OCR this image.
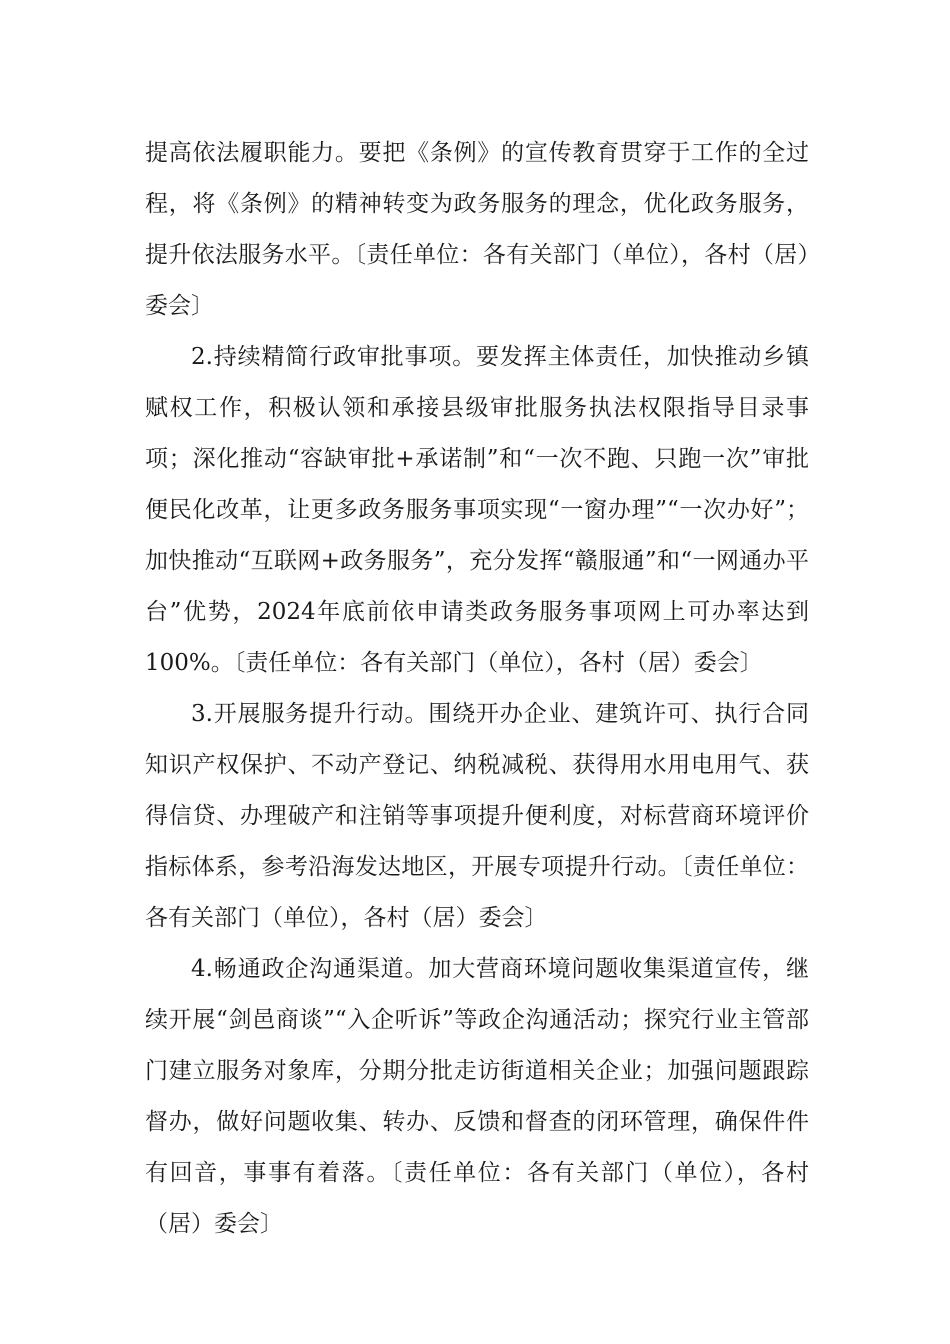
提高依法履职能力。要把《条例》的宣传教育贯穿于工作的全过程，将《条例》的精神转变为政务服务的理念，优化政务服务，提升依法服务水平。〔责任单位：各有关部门（单位），各村（居）委会〕

2.持续精简行政审批事项。要发挥主体责任，加快推动乡镇赋权工作，积极认领和承接县级审批服务执法权限指导目录事项；深化推动“容缺审批+承诺制”和“一次不跑、只跑一次”审批便民化改革，让更多政务服务事项实现“一窗办理”“一次办好”；加快推动“互联网+政务服务”，充分发挥“赣服通”和“一网通办平台”优势，2024年底前依申请类政务服务事项网上可办率达到100%。〔责任单位：各有关部门（单位），各村（居）委会〕

3.开展服务提升行动。围绕开办企业、建筑许可、执行合同知识产权保护、不动产登记、纳税减税、获得用水用电用气、获得信贷、办理破产和注销等事项提升便利度，对标营商环境评价指标体系，参考沿海发达地区，开展专项提升行动。〔责任单位：各有关部门（单位），各村（居）委会〕

4.畅通政企沟通渠道。加大营商环境问题收集渠道宣传，继续开展“剑邑商谈”“入企听诉”等政企沟通活动；探究行业主管部门建立服务对象库，分期分批走访街道相关企业；加强问题跟踪督办，做好问题收集、转办、反馈和督查的闭环管理，确保件件有回音，事事有着落。〔责任单位：各有关部门（单位），各村（居）委会〕
